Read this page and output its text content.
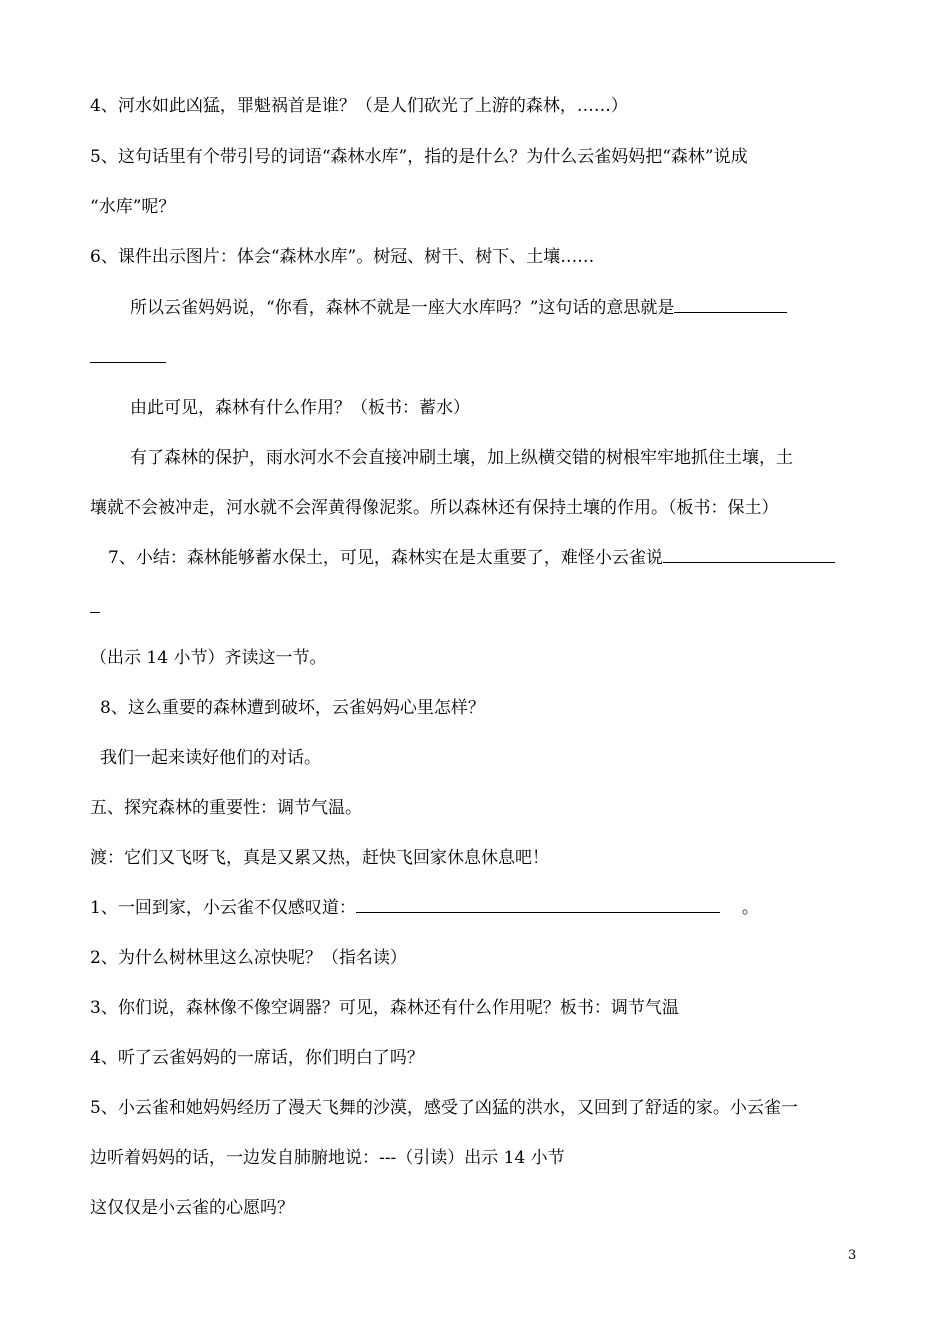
4、河水如此凶猛，罪魁祸首是谁？（是人们砍光了上游的森林，……）
5、这句话里有个带引号的词语“森林水库”，指的是什么？为什么云雀妈妈把“森林”说成
“水库”呢？
6、课件出示图片：体会“森林水库”。树冠、树干、树下、土壤……
所以云雀妈妈说，“你看，森林不就是一座大水库吗？”这句话的意思就是
由此可见，森林有什么作用？（板书：蓄水）
有了森林的保护，雨水河水不会直接冲刷土壤，加上纵横交错的树根牢牢地抓住土壤，土
壤就不会被冲走，河水就不会浑黄得像泥浆。所以森林还有保持土壤的作用。（板书：保土）
7、小结：森林能够蓄水保土，可见，森林实在是太重要了，难怪小云雀说
（出示 14 小节）齐读这一节。
8、这么重要的森林遭到破坏，云雀妈妈心里怎样？
我们一起来读好他们的对话。
五、探究森林的重要性：调节气温。
渡：它们又飞呀飞，真是又累又热，赶快飞回家休息休息吧！
1、一回到家，小云雀不仅感叹道：	。
2、为什么树林里这么凉快呢？（指名读）
3、你们说，森林像不像空调器？可见，森林还有什么作用呢？板书：调节气温
4、听了云雀妈妈的一席话，你们明白了吗？
5、小云雀和她妈妈经历了漫天飞舞的沙漠，感受了凶猛的洪水，又回到了舒适的家。小云雀一
边听着妈妈的话，一边发自肺腑地说：---（引读）出示 14 小节
这仅仅是小云雀的心愿吗？
3
